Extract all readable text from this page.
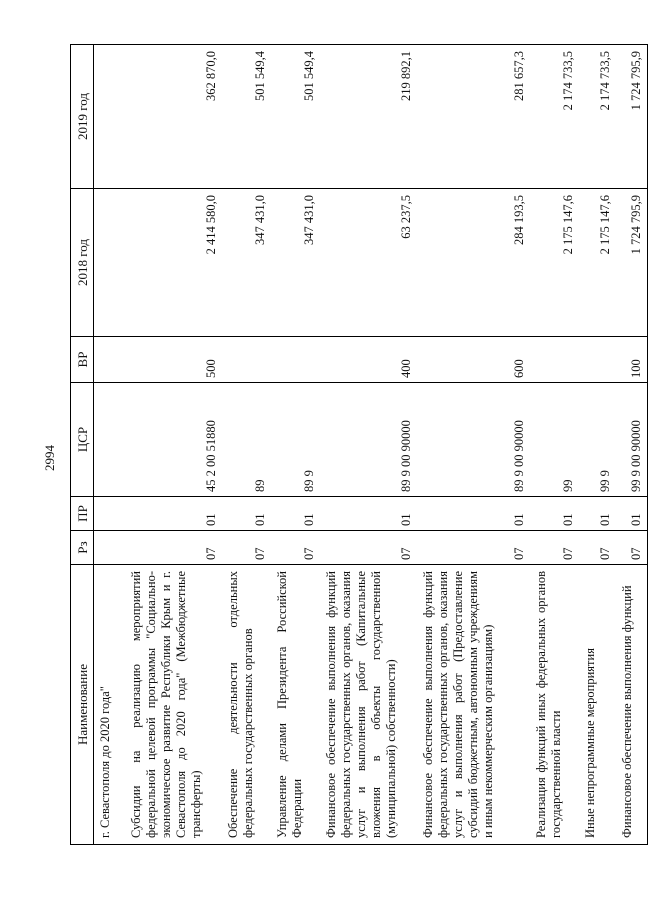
2994
Наименование	Рз	ПР	ЦСР	ВР	2018 год	2019 год
г. Севастополя до 2020 года"						
Субсидии на реализацию мероприятий федеральной целевой программы "Социально-экономическое развитие Республики Крым и г. Севастополя до 2020 года" (Межбюджетные трансферты)	07	01	45 2 00 51880	500	2 414 580,0	362 870,0
Обеспечение деятельности отдельных федеральных государственных органов	07	01	89		347 431,0	501 549,4
Управление делами Президента Российской Федерации	07	01	89 9		347 431,0	501 549,4
Финансовое обеспечение выполнения функций федеральных государственных органов, оказания услуг и выполнения работ (Капитальные вложения в объекты государственной (муниципальной) собственности)	07	01	89 9 00 90000	400	63 237,5	219 892,1
Финансовое обеспечение выполнения функций федеральных государственных органов, оказания услуг и выполнения работ (Предоставление субсидий бюджетным, автономным учреждениям и иным некоммерческим организациям)	07	01	89 9 00 90000	600	284 193,5	281 657,3
Реализация функций иных федеральных органов государственной власти	07	01	99		2 175 147,6	2 174 733,5
Иные непрограммные мероприятия	07	01	99 9		2 175 147,6	2 174 733,5
Финансовое обеспечение выполнения функций	07	01	99 9 00 90000	100	1 724 795,9	1 724 795,9
